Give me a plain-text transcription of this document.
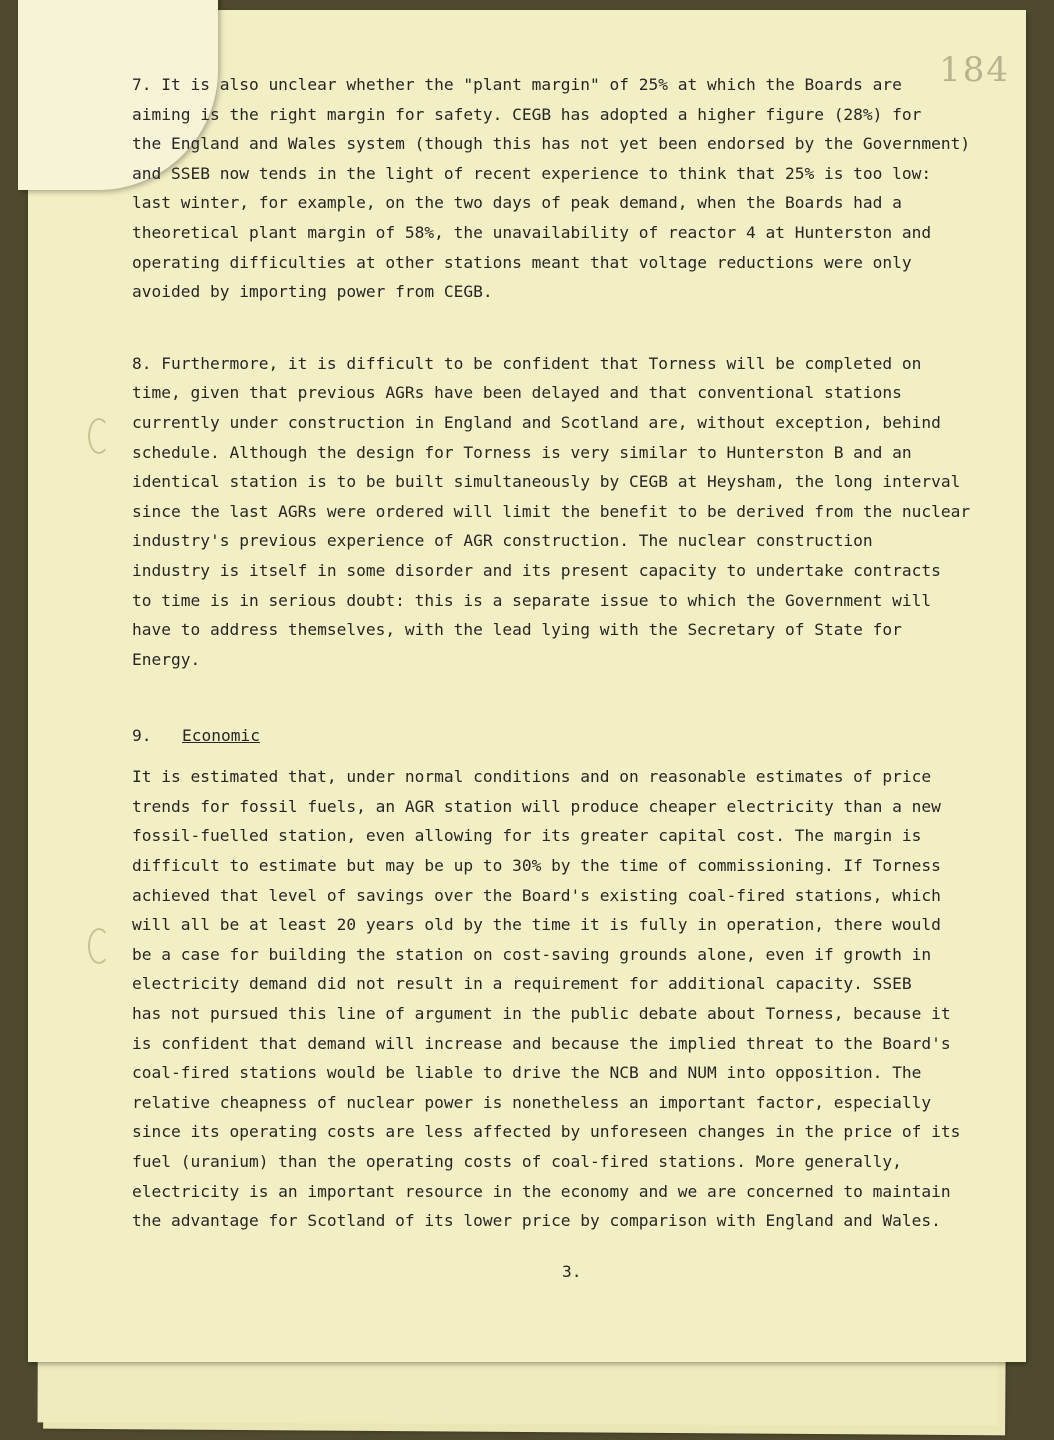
184
7. It is also unclear whether the "plant margin" of 25% at which the Boards are
aiming is the right margin for safety. CEGB has adopted a higher figure (28%) for
the England and Wales system (though this has not yet been endorsed by the Government)
and SSEB now tends in the light of recent experience to think that 25% is too low:
last winter, for example, on the two days of peak demand, when the Boards had a
theoretical plant margin of 58%, the unavailability of reactor 4 at Hunterston and
operating difficulties at other stations meant that voltage reductions were only
avoided by importing power from CEGB.
8. Furthermore, it is difficult to be confident that Torness will be completed on
time, given that previous AGRs have been delayed and that conventional stations
currently under construction in England and Scotland are, without exception, behind
schedule. Although the design for Torness is very similar to Hunterston B and an
identical station is to be built simultaneously by CEGB at Heysham, the long interval
since the last AGRs were ordered will limit the benefit to be derived from the nuclear
industry's previous experience of AGR construction. The nuclear construction
industry is itself in some disorder and its present capacity to undertake contracts
to time is in serious doubt: this is a separate issue to which the Government will
have to address themselves, with the lead lying with the Secretary of State for
Energy.
9. Economic
It is estimated that, under normal conditions and on reasonable estimates of price
trends for fossil fuels, an AGR station will produce cheaper electricity than a new
fossil-fuelled station, even allowing for its greater capital cost. The margin is
difficult to estimate but may be up to 30% by the time of commissioning. If Torness
achieved that level of savings over the Board's existing coal-fired stations, which
will all be at least 20 years old by the time it is fully in operation, there would
be a case for building the station on cost-saving grounds alone, even if growth in
electricity demand did not result in a requirement for additional capacity. SSEB
has not pursued this line of argument in the public debate about Torness, because it
is confident that demand will increase and because the implied threat to the Board's
coal-fired stations would be liable to drive the NCB and NUM into opposition. The
relative cheapness of nuclear power is nonetheless an important factor, especially
since its operating costs are less affected by unforeseen changes in the price of its
fuel (uranium) than the operating costs of coal-fired stations. More generally,
electricity is an important resource in the economy and we are concerned to maintain
the advantage for Scotland of its lower price by comparison with England and Wales.
3.
